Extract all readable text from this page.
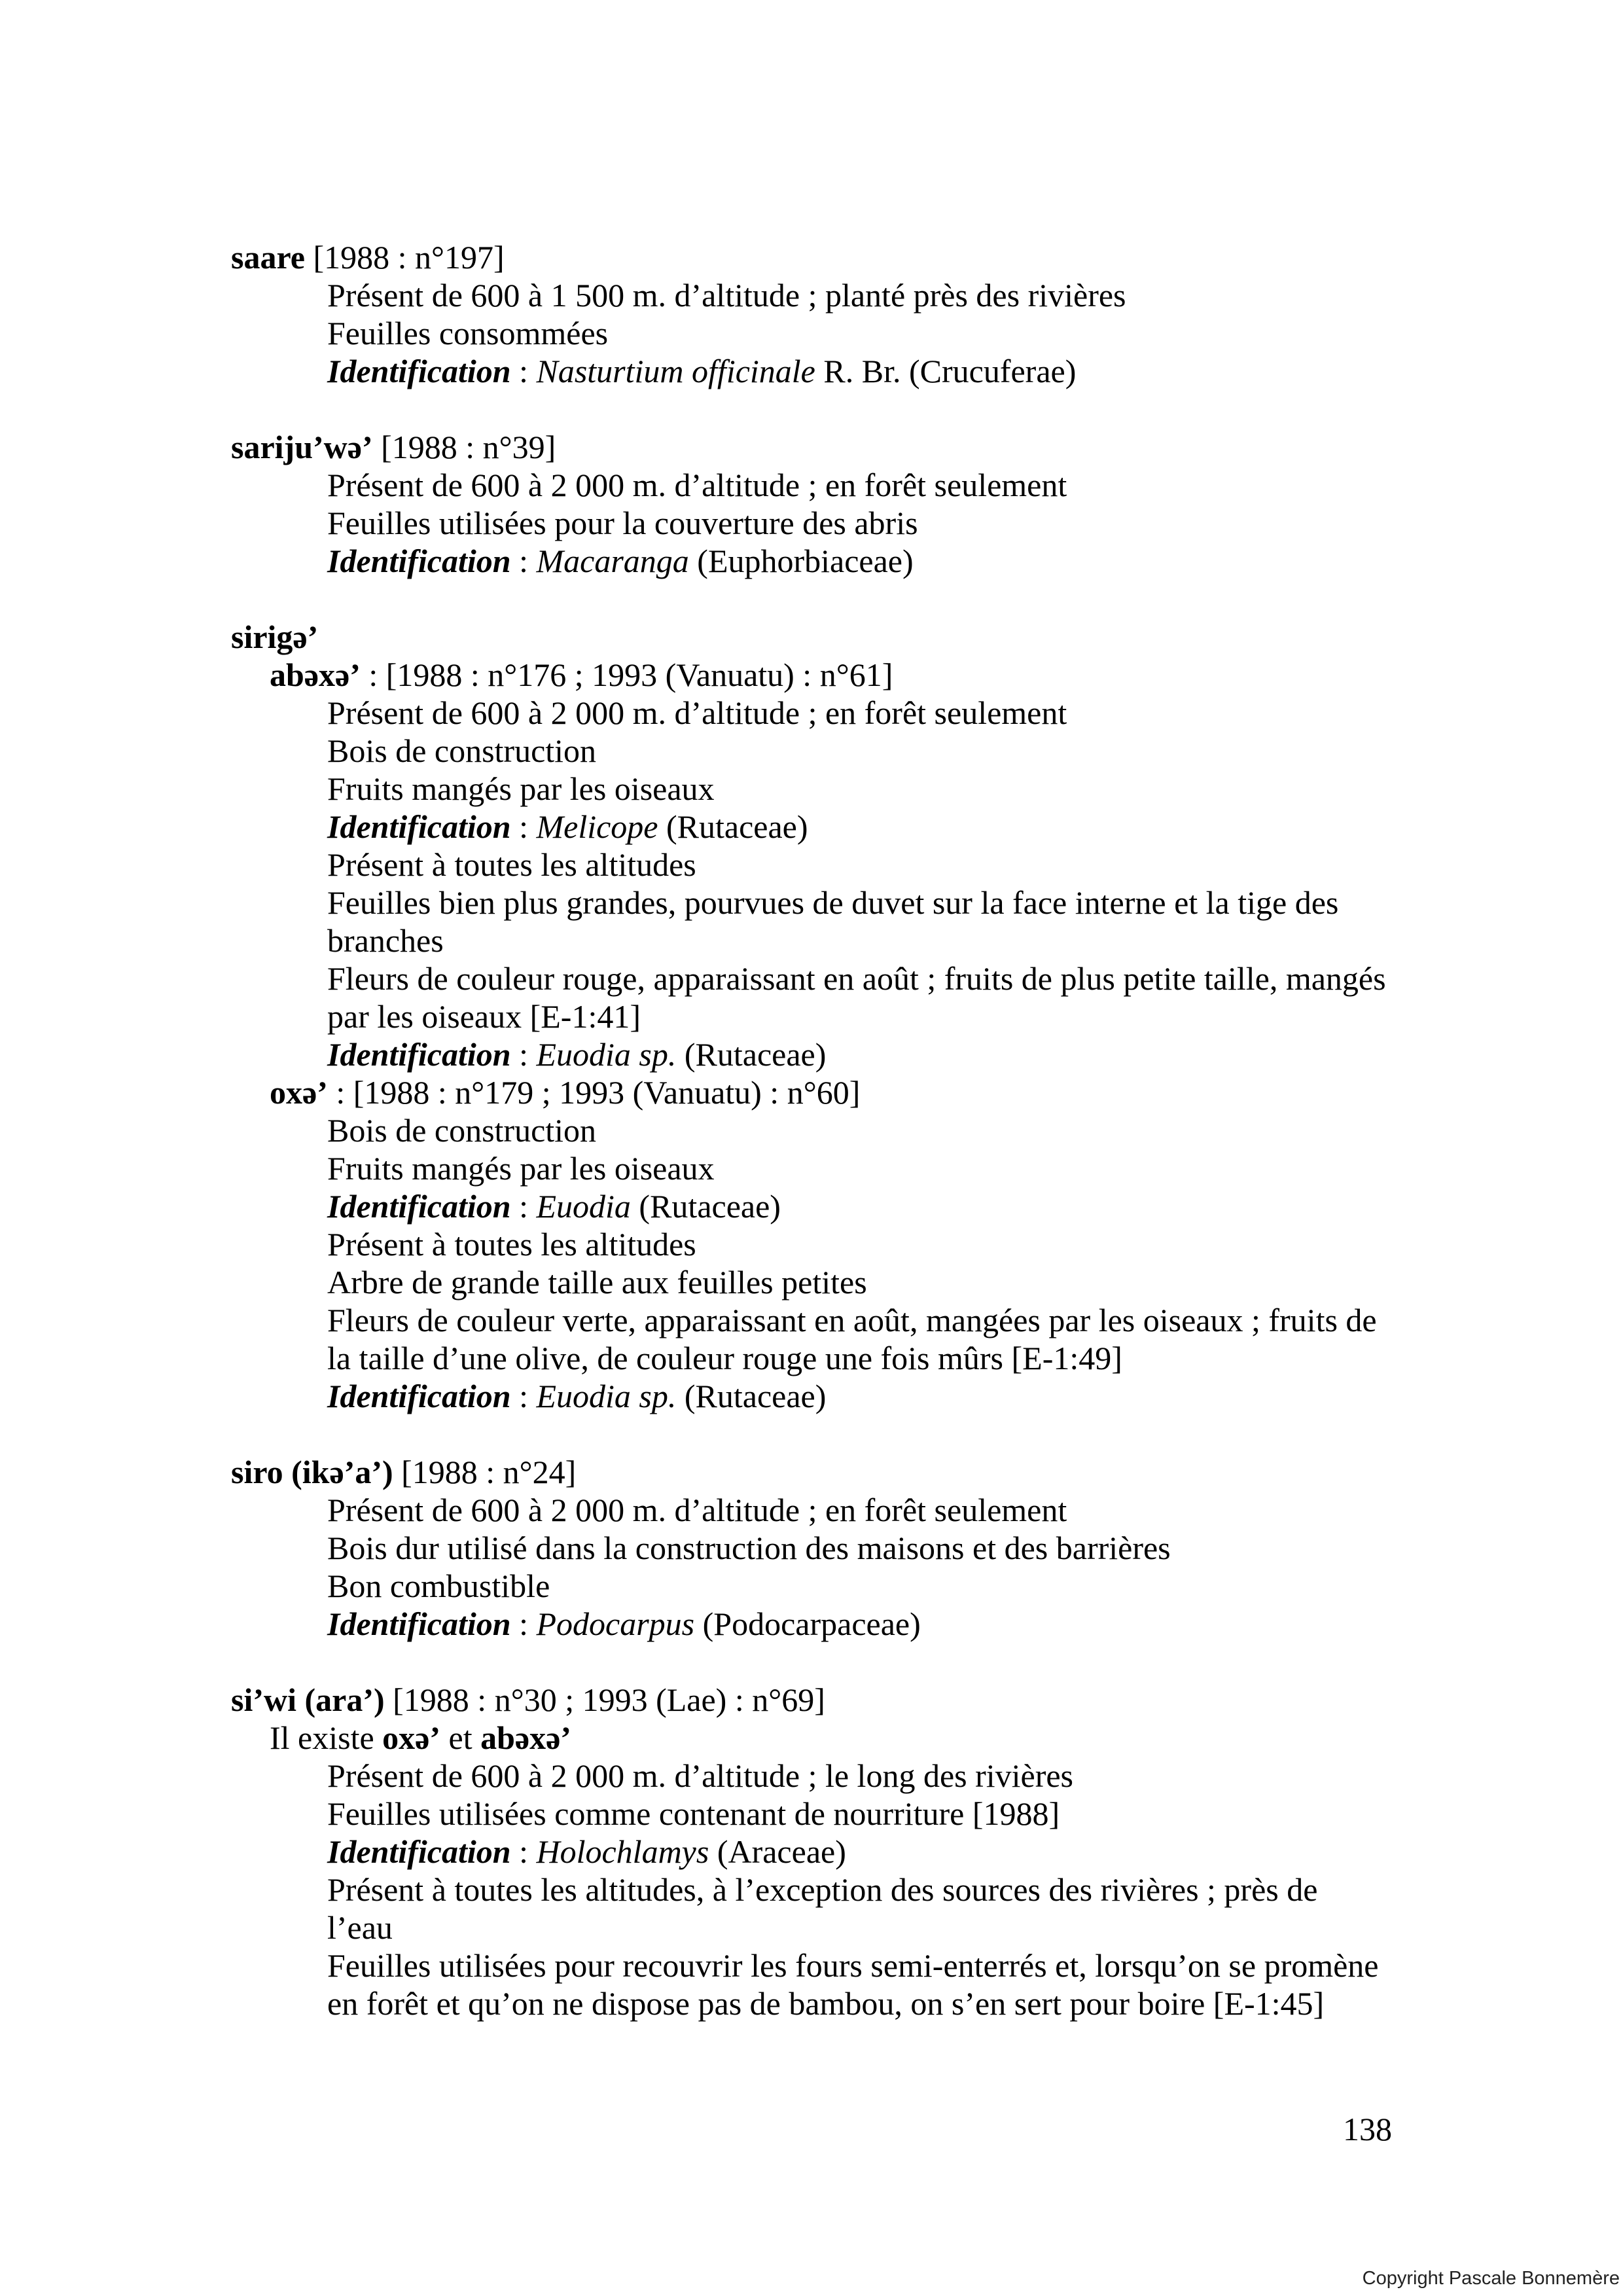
saare [1988 : n°197]

Présent de 600 à 1 500 m. d’altitude ; planté près des rivières

Feuilles consommées

Identification : Nasturtium officinale R. Br. (Crucuferae)

sariju’wə’ [1988 : n°39]

Présent de 600 à 2 000 m. d’altitude ; en forêt seulement

Feuilles utilisées pour la couverture des abris

Identification : Macaranga (Euphorbiaceae)

sirigə’

abəxə’ : [1988 : n°176 ; 1993 (Vanuatu) : n°61]

Présent de 600 à 2 000 m. d’altitude ; en forêt seulement

Bois de construction

Fruits mangés par les oiseaux

Identification : Melicope (Rutaceae)

Présent à toutes les altitudes

Feuilles bien plus grandes, pourvues de duvet sur la face interne et la tige des

branches

Fleurs de couleur rouge, apparaissant en août ; fruits de plus petite taille, mangés

par les oiseaux [E-1:41]

Identification : Euodia sp. (Rutaceae)

oxə’ : [1988 : n°179 ; 1993 (Vanuatu) : n°60]

Bois de construction

Fruits mangés par les oiseaux

Identification : Euodia (Rutaceae)

Présent à toutes les altitudes

Arbre de grande taille aux feuilles petites

Fleurs de couleur verte, apparaissant en août, mangées par les oiseaux ; fruits de

la taille d’une olive, de couleur rouge une fois mûrs [E-1:49]

Identification : Euodia sp. (Rutaceae)

siro (ikə’a’) [1988 : n°24]

Présent de 600 à 2 000 m. d’altitude ; en forêt seulement

Bois dur utilisé dans la construction des maisons et des barrières

Bon combustible

Identification : Podocarpus (Podocarpaceae)

si’wi (ara’) [1988 : n°30 ; 1993 (Lae) : n°69]

Il existe oxə’ et abəxə’

Présent de 600 à 2 000 m. d’altitude ; le long des rivières

Feuilles utilisées comme contenant de nourriture [1988]

Identification : Holochlamys (Araceae)

Présent à toutes les altitudes, à l’exception des sources des rivières ; près de

l’eau

Feuilles utilisées pour recouvrir les fours semi-enterrés et, lorsqu’on se promène

en forêt et qu’on ne dispose pas de bambou, on s’en sert pour boire [E-1:45]

138
Copyright Pascale Bonnemère
